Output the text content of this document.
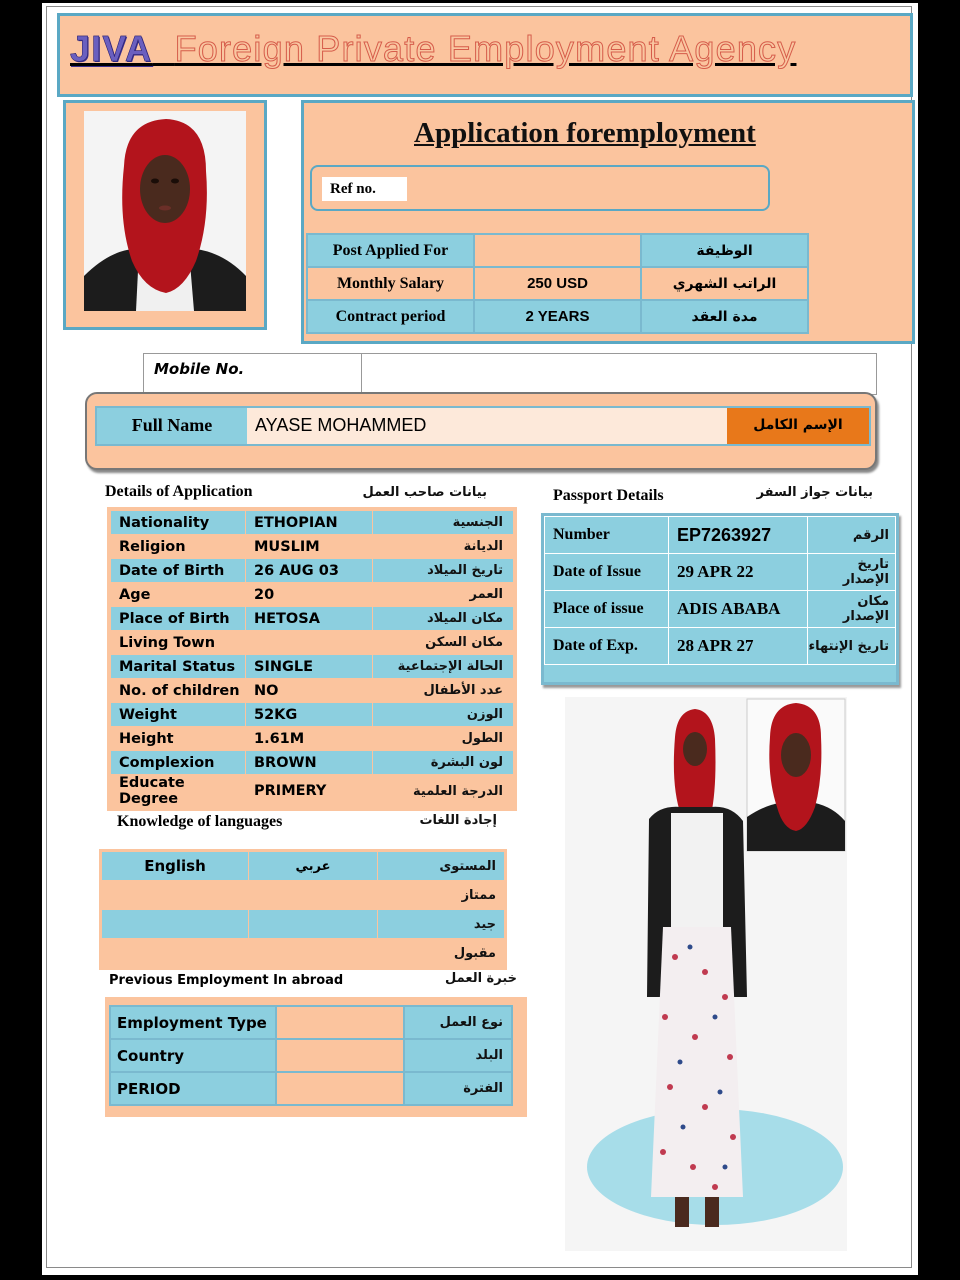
JIVA Foreign Private Employment Agency
Application foremployment
Ref no.
Post Applied For		الوظيفة
Monthly Salary	250 USD	الراتب الشهري
Contract period	2 YEARS	مدة العقد
Mobile No.
Full Name	AYASE MOHAMMED	الإسم الكامل
Details of Application	بيانات صاحب العمل
Nationality	ETHOPIAN	الجنسية
Religion	MUSLIM	الديانة
Date of Birth	26 AUG 03	تاريخ الميلاد
Age	20	العمر
Place of Birth	HETOSA	مكان الميلاد
Living Town		مكان السكن
Marital Status	SINGLE	الحالة الإجتماعية
No. of children	NO	عدد الأطفال
Weight	52KG	الوزن
Height	1.61M	الطول
Complexion	BROWN	لون البشرة
Educate Degree	PRIMERY	الدرجة العلمية
Knowledge of languages	إجادة اللغات
English	عربي	المستوى
		ممتاز
		جيد
		مقبول
Previous Employment In abroad	خبرة العمل
Employment Type		نوع العمل
Country		البلد
PERIOD		الفترة
Passport Details	بيانات جواز السفر
Number	EP7263927	الرقم
Date of Issue	29 APR 22	تاريخ الإصدار
Place of issue	ADIS ABABA	مكان الإصدار
Date of Exp.	28 APR 27	تاريخ الإنتهاء
